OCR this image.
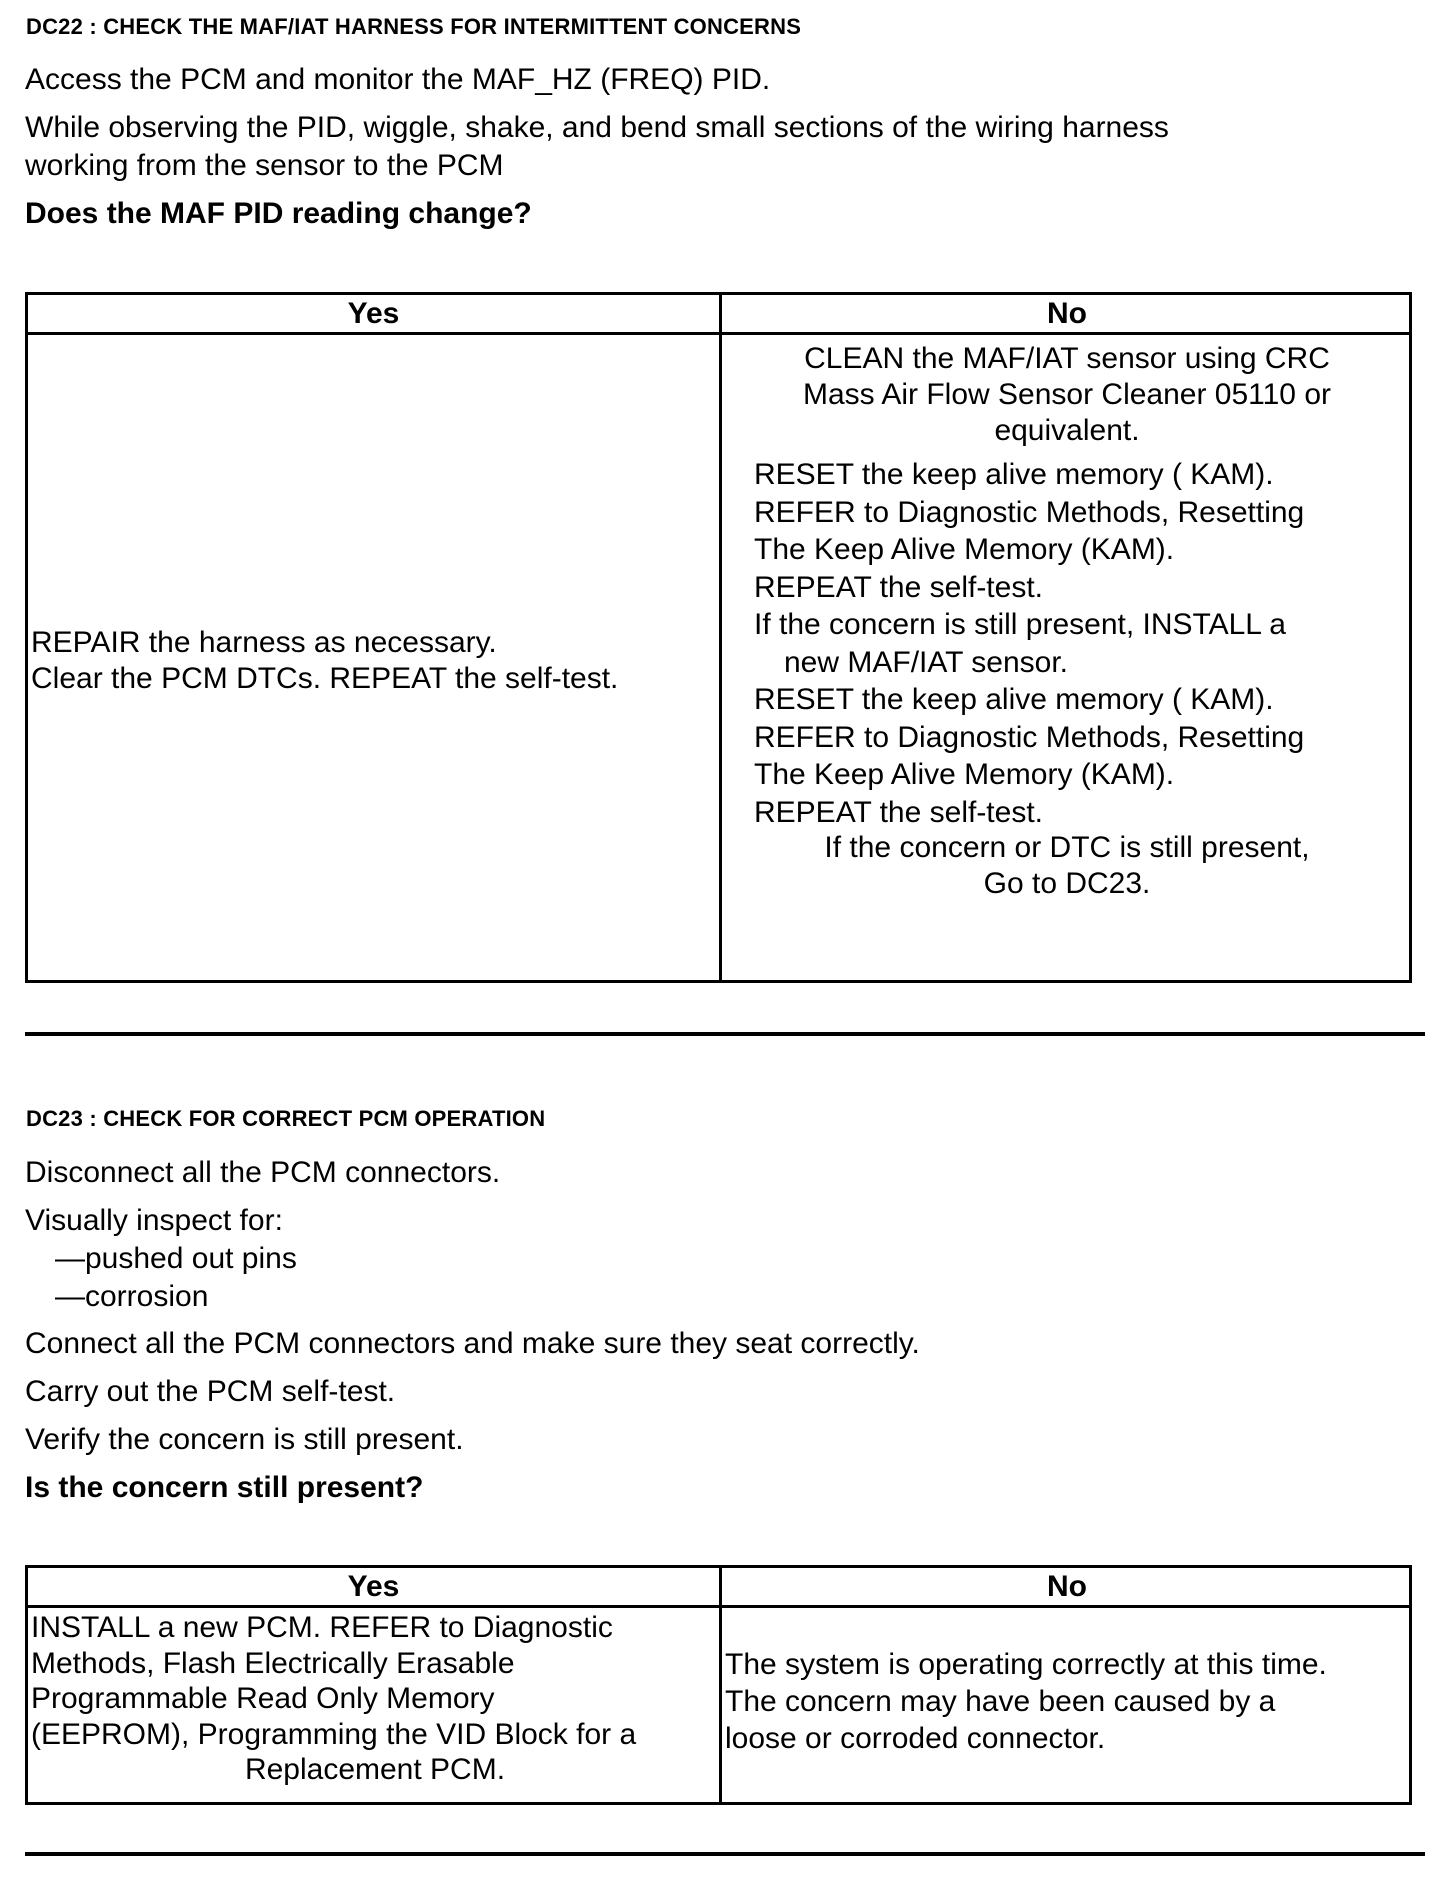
DC22 : CHECK THE MAF/IAT HARNESS FOR INTERMITTENT CONCERNS
Access the PCM and monitor the MAF_HZ (FREQ) PID.
While observing the PID, wiggle, shake, and bend small sections of the wiring harness
working from the sensor to the PCM
Does the MAF PID reading change?
Yes	No
REPAIR the harness as necessary.
Clear the PCM DTCs. REPEAT the self-test.
CLEAN the MAF/IAT sensor using CRC
Mass Air Flow Sensor Cleaner 05110 or
equivalent.
RESET the keep alive memory ( KAM).
REFER to Diagnostic Methods, Resetting
The Keep Alive Memory (KAM).
REPEAT the self-test.
If the concern is still present, INSTALL a
new MAF/IAT sensor.
RESET the keep alive memory ( KAM).
REFER to Diagnostic Methods, Resetting
The Keep Alive Memory (KAM).
REPEAT the self-test.
If the concern or DTC is still present,
Go to DC23.
DC23 : CHECK FOR CORRECT PCM OPERATION
Disconnect all the PCM connectors.
Visually inspect for:
—pushed out pins
—corrosion
Connect all the PCM connectors and make sure they seat correctly.
Carry out the PCM self-test.
Verify the concern is still present.
Is the concern still present?
Yes	No
INSTALL a new PCM. REFER to Diagnostic
Methods, Flash Electrically Erasable
Programmable Read Only Memory
(EEPROM), Programming the VID Block for a
Replacement PCM.
The system is operating correctly at this time.
The concern may have been caused by a
loose or corroded connector.
